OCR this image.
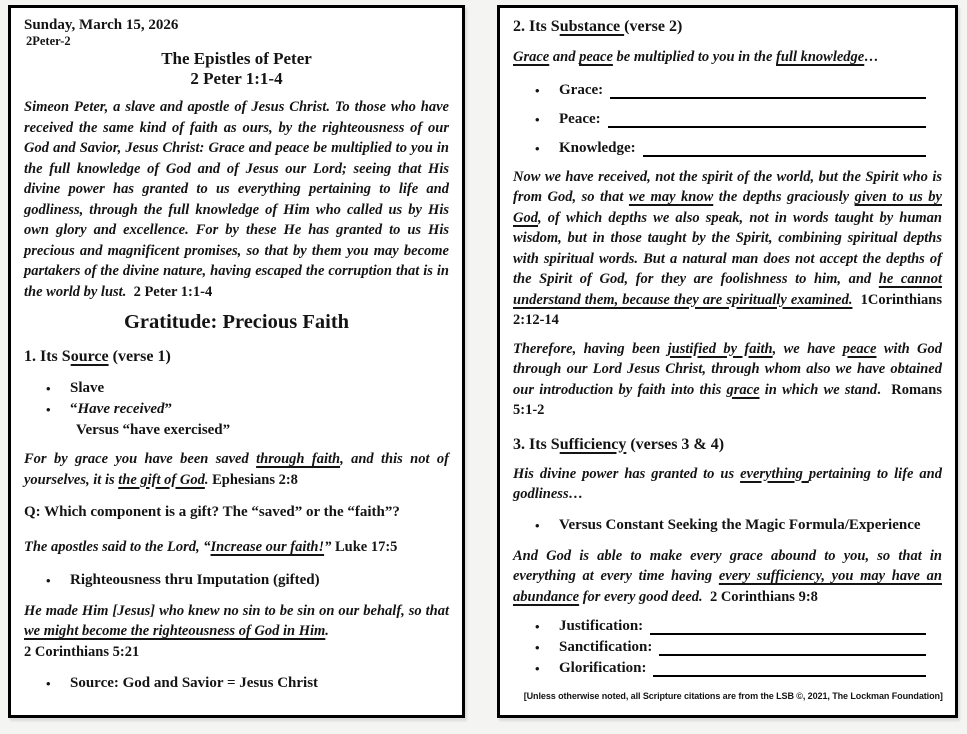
Sunday, March 15, 2026
2Peter-2
The Epistles of Peter
2 Peter 1:1-4

Simeon Peter, a slave and apostle of Jesus Christ. To those who have received the same kind of faith as ours, by the righteousness of our God and Savior, Jesus Christ: Grace and peace be multiplied to you in the full knowledge of God and of Jesus our Lord; seeing that His divine power has granted to us everything pertaining to life and godliness, through the full knowledge of Him who called us by His own glory and excellence. For by these He has granted to us His precious and magnificent promises, so that by them you may become partakers of the divine nature, having escaped the corruption that is in the world by lust.  2 Peter 1:1-4

Gratitude: Precious Faith
1. Its Source (verse 1)
•	Slave
•	“Have received”
Versus “have exercised”

For by grace you have been saved through faith, and this not of yourselves, it is the gift of God. Ephesians 2:8

Q: Which component is a gift? The “saved” or the “faith”?

The apostles said to the Lord, “Increase our faith!” Luke 17:5

•	Righteousness thru Imputation (gifted)

He made Him [Jesus] who knew no sin to be sin on our behalf, so that we might become the righteousness of God in Him.

2 Corinthians 5:21
•	Source: God and Savior = Jesus Christ
2. Its Substance (verse 2)

Grace and peace be multiplied to you in the full knowledge…

•	Grace:
•	Peace:
•	Knowledge:

Now we have received, not the spirit of the world, but the Spirit who is from God, so that we may know the depths graciously given to us by God, of which depths we also speak, not in words taught by human wisdom, but in those taught by the Spirit, combining spiritual depths with spiritual words. But a natural man does not accept the depths of the Spirit of God, for they are foolishness to him, and he cannot understand them, because they are spiritually examined.  1Corinthians 2:12-14

Therefore, having been justified by faith, we have peace with God through our Lord Jesus Christ, through whom also we have obtained our introduction by faith into this grace in which we stand.  Romans 5:1-2

3. Its Sufficiency (verses 3 & 4)

His divine power has granted to us everything pertaining to life and godliness…

•	Versus Constant Seeking the Magic Formula/Experience

And God is able to make every grace abound to you, so that in everything at every time having every sufficiency, you may have an abundance for every good deed.  2 Corinthians 9:8

•	Justification:
•	Sanctification:
•	Glorification:
[Unless otherwise noted, all Scripture citations are from the LSB ©, 2021, The Lockman Foundation]
